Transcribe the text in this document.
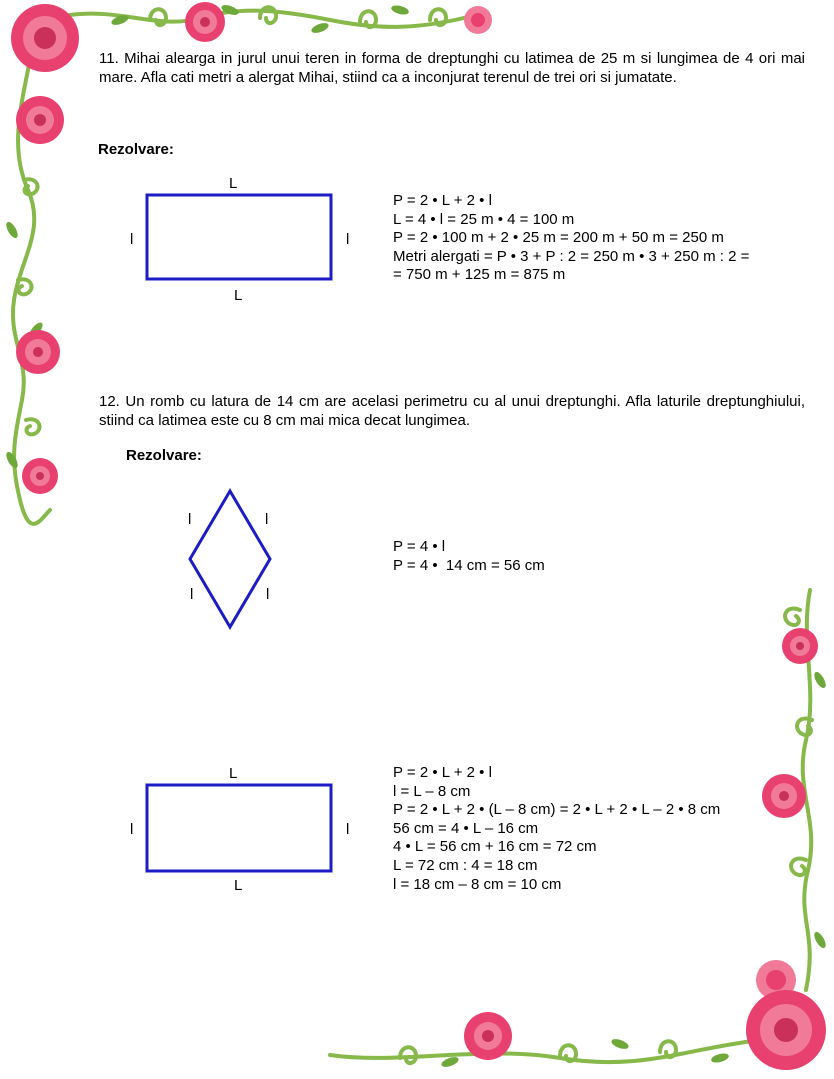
11. Mihai alearga in jurul unui teren in forma de dreptunghi cu latimea de 25 m si lungimea de 4 ori mai mare. Afla cati metri a alergat Mihai, stiind ca a inconjurat terenul de trei ori si jumatate.
Rezolvare:
L
L
l	l
P = 2 • L + 2 • l
L = 4 • l = 25 m • 4 = 100 m
P = 2 • 100 m + 2 • 25 m = 200 m + 50 m = 250 m
Metri alergati = P • 3 + P : 2 = 250 m • 3 + 250 m : 2 =
= 750 m + 125 m = 875 m
12. Un romb cu latura de 14 cm are acelasi perimetru cu al unui dreptunghi. Afla laturile dreptunghiului, stiind ca latimea este cu 8 cm mai mica decat lungimea.
Rezolvare:
l	l
l	l
P = 4 • l
P = 4 •  14 cm = 56 cm
L
L
l	l
P = 2 • L + 2 • l
l = L – 8 cm
P = 2 • L + 2 • (L – 8 cm) = 2 • L + 2 • L – 2 • 8 cm
56 cm = 4 • L – 16 cm
4 • L = 56 cm + 16 cm = 72 cm
L = 72 cm : 4 = 18 cm
l = 18 cm – 8 cm = 10 cm
